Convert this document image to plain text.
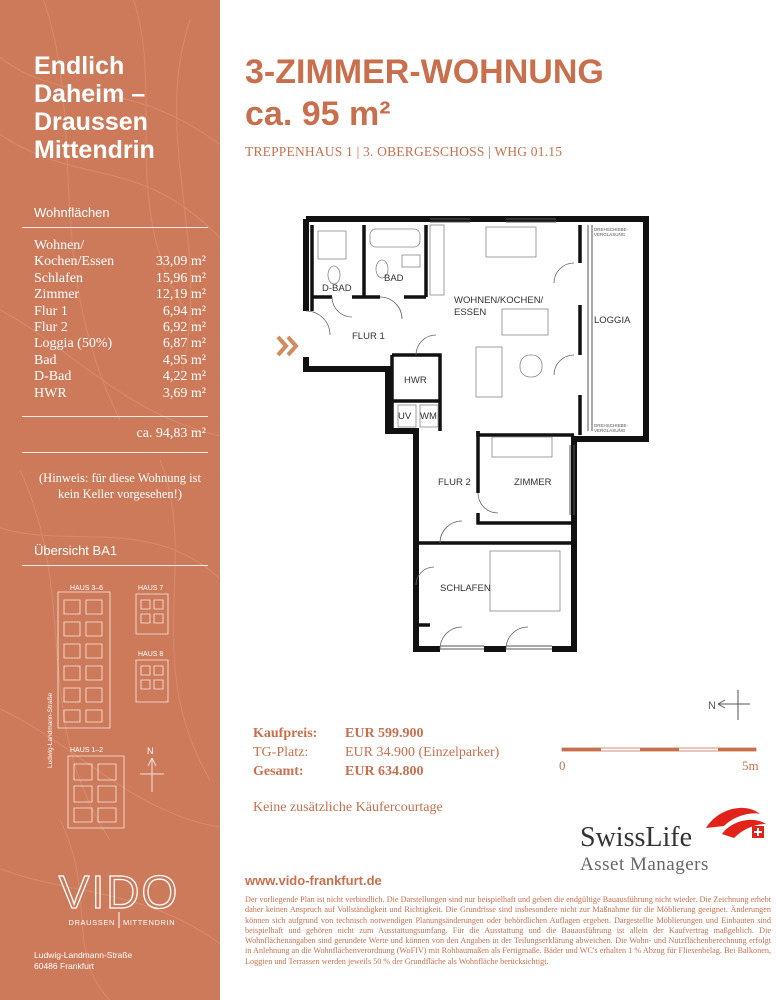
Endlich
Daheim –
Draussen
Mittendrin
Wohnflächen
Wohnen/
Kochen/Essen	33,09 m²
Schlafen	15,96 m²
Zimmer	12,19 m²
Flur 1	6,94 m²
Flur 2	6,92 m²
Loggia (50%)	6,87 m²
Bad	4,95 m²
D-Bad	4,22 m²
HWR	3,69 m²
ca. 94,83 m²
(Hinweis: für diese Wohnung ist kein Keller vorgesehen!)
Übersicht BA1
HAUS 3–6	HAUS 7
HAUS 8
HAUS 1–2
Ludwig-Landmann-Straße	N
VIDO
DRAUSSEN MITTENDRIN
Ludwig-Landmann-Straße
60486 Frankfurt
3-ZIMMER-WOHNUNG
ca. 95 m²
TREPPENHAUS 1 | 3. OBERGESCHOSS | WHG 01.15
D-BAD
BAD
WOHNEN/KOCHEN/
ESSEN
LOGGIA
FLUR 1
HWR
UV WM
FLUR 2	ZIMMER
SCHLAFEN
DREHSCHIEBE-
VERGLASUNG
DREHSCHIEBE-
VERGLASUNG
N
0	5m
Kaufpreis:	EUR 599.900
TG-Platz:	EUR 34.900 (Einzelparker)
Gesamt:	EUR 634.800
Keine zusätzliche Käufercourtage
SwissLife
Asset Managers
www.vido-frankfurt.de
Der vorliegende Plan ist nicht verbindlich. Die Darstellungen sind nur beispielhaft und geben die endgültige Bauausführung nicht wieder. Die Zeichnung erhebt daher keinen Anspruch auf Vollständigkeit und Richtigkeit. Die Grundrisse sind insbesondere nicht zur Maßnahme für die Möblierung geeignet. Änderungen können sich aufgrund von technisch notwendigen Planungsänderungen oder behördlichen Auflagen ergeben. Dargestellte Möblierungen und Einbauten sind beispielhaft und gehören nicht zum Ausstattungsumfang. Für die Ausstattung und die Bauausführung ist allein der Kaufvertrag maßgeblich. Die Wohnflächenangaben sind gerundete Werte und können von den Angaben in der Teilungserklärung abweichen. Die Wohn- und Nutzflächenberechnung erfolgt in Anlehnung an die Wohnflächenverordnung (WoFIV) mit Rohbaumaßen als Fertigmaße. Bäder und WC's erhalten 1 % Abzug für Fliesenbelag. Bei Balkonen, Loggien und Terrassen werden jeweils 50 % der Grundfläche als Wohnfläche berücksichtigt.
